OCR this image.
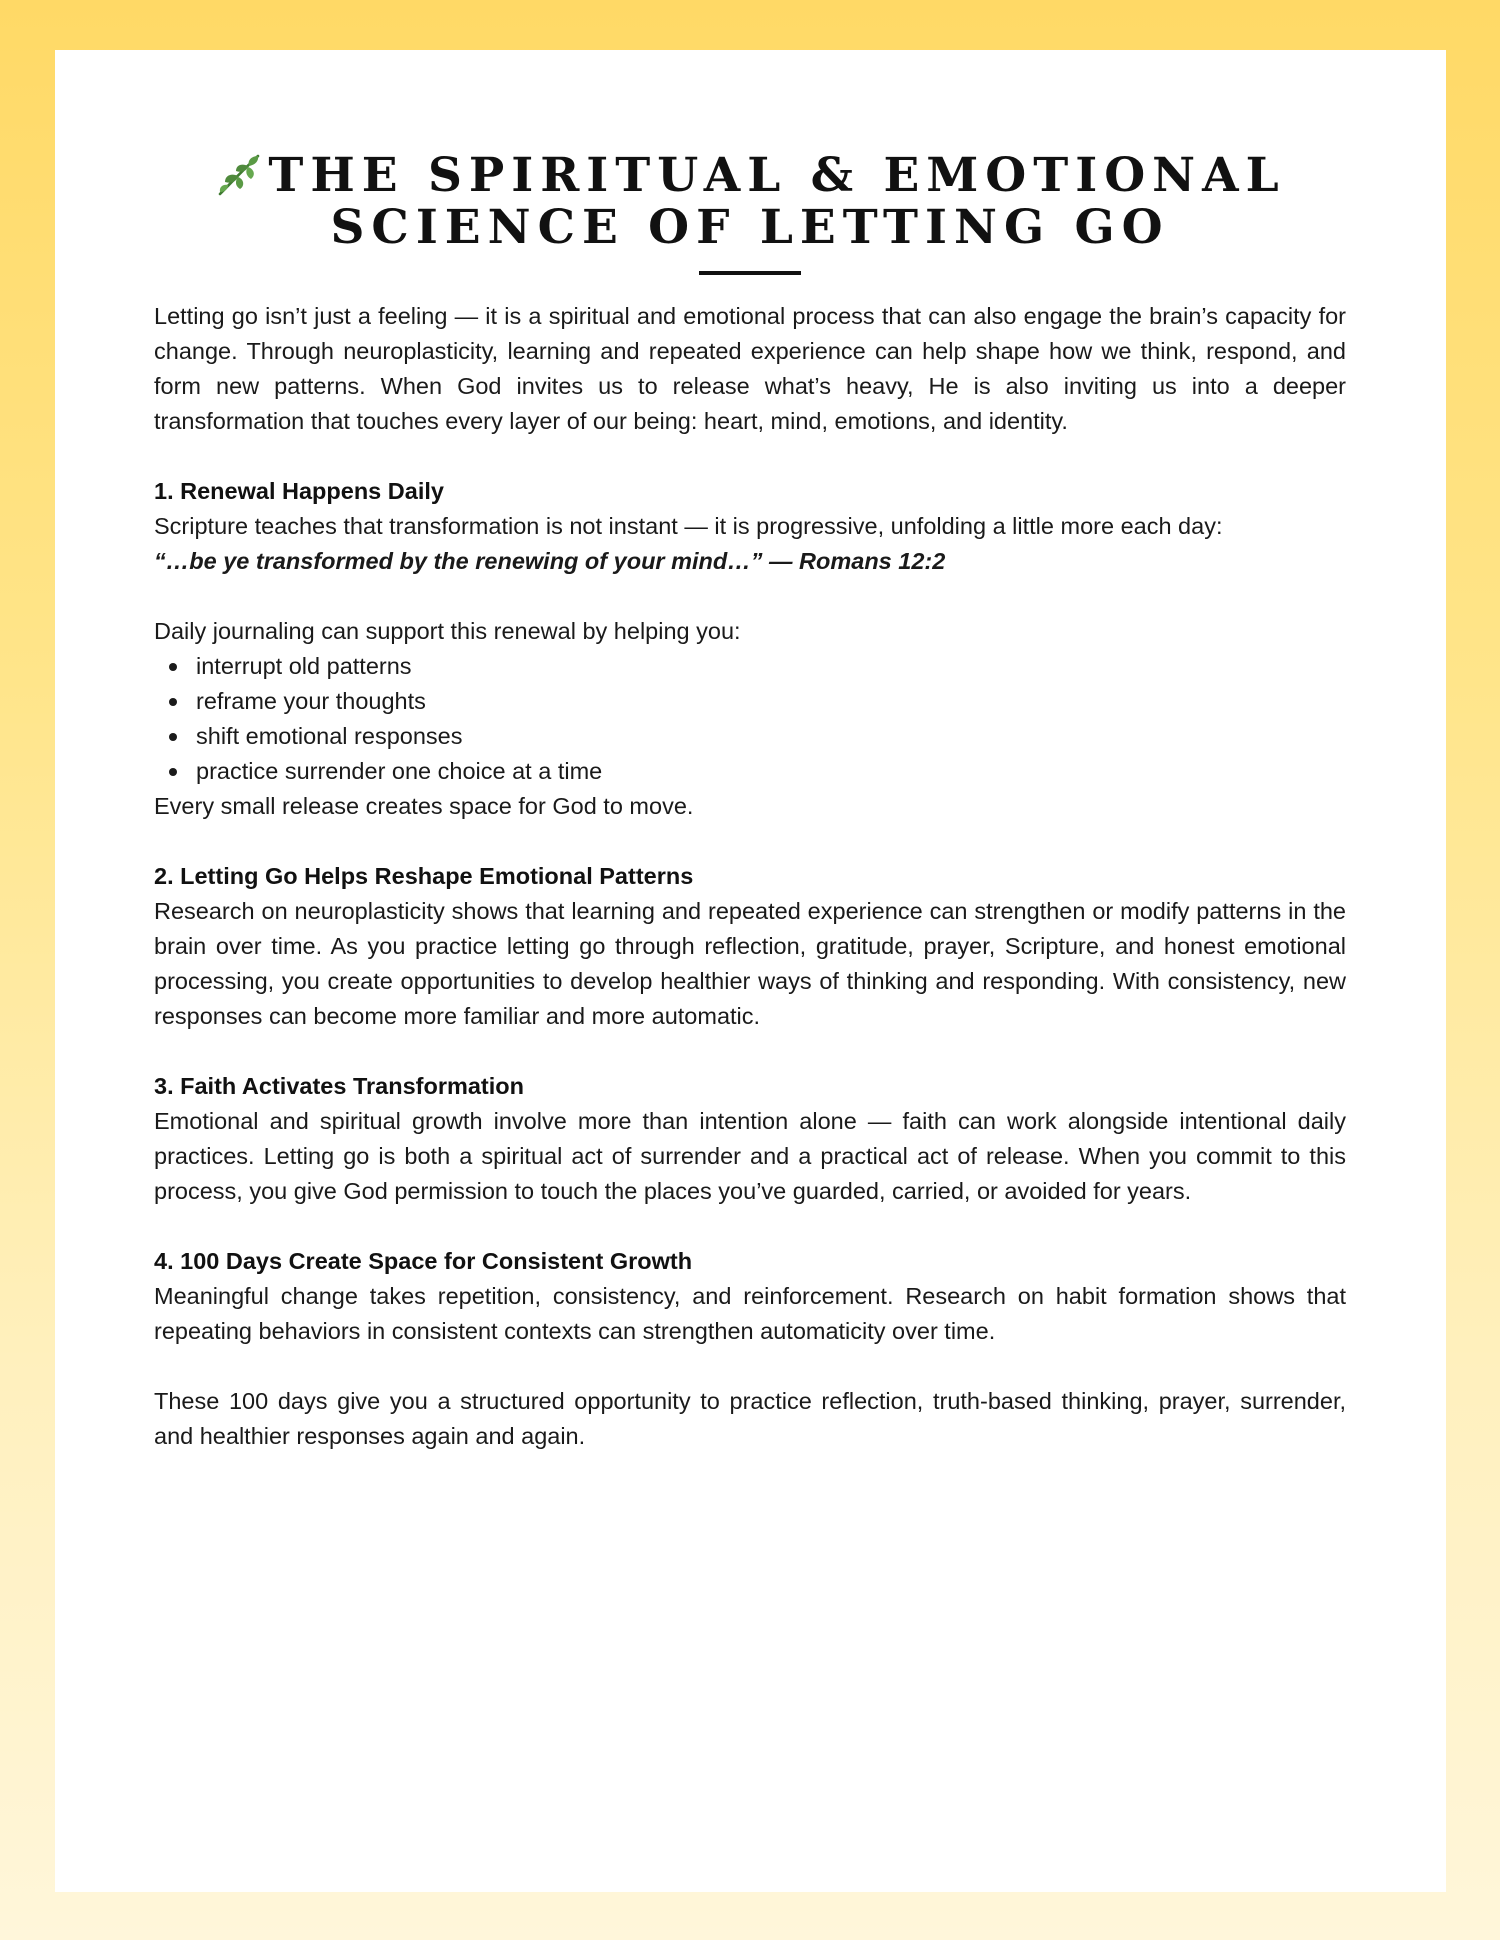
THE SPIRITUAL & EMOTIONAL
SCIENCE OF LETTING GO

Letting go isn’t just a feeling — it is a spiritual and emotional process that can also engage the brain’s capacity for change. Through neuroplasticity, learning and repeated experience can help shape how we think, respond, and form new patterns. When God invites us to release what’s heavy, He is also inviting us into a deeper transformation that touches every layer of our being: heart, mind, emotions, and identity.

1. Renewal Happens Daily

Scripture teaches that transformation is not instant — it is progressive, unfolding a little more each day:

“…be ye transformed by the renewing of your mind…” — Romans 12:2

Daily journaling can support this renewal by helping you:

interrupt old patterns
reframe your thoughts
shift emotional responses
practice surrender one choice at a time

Every small release creates space for God to move.

2. Letting Go Helps Reshape Emotional Patterns

Research on neuroplasticity shows that learning and repeated experience can strengthen or modify patterns in the brain over time. As you practice letting go through reflection, gratitude, prayer, Scripture, and honest emotional processing, you create opportunities to develop healthier ways of thinking and responding. With consistency, new responses can become more familiar and more automatic.

3. Faith Activates Transformation

Emotional and spiritual growth involve more than intention alone — faith can work alongside intentional daily practices. Letting go is both a spiritual act of surrender and a practical act of release. When you commit to this process, you give God permission to touch the places you’ve guarded, carried, or avoided for years.

4. 100 Days Create Space for Consistent Growth

Meaningful change takes repetition, consistency, and reinforcement. Research on habit formation shows that repeating behaviors in consistent contexts can strengthen automaticity over time.

These 100 days give you a structured opportunity to practice reflection, truth-based thinking, prayer, surrender, and healthier responses again and again.
